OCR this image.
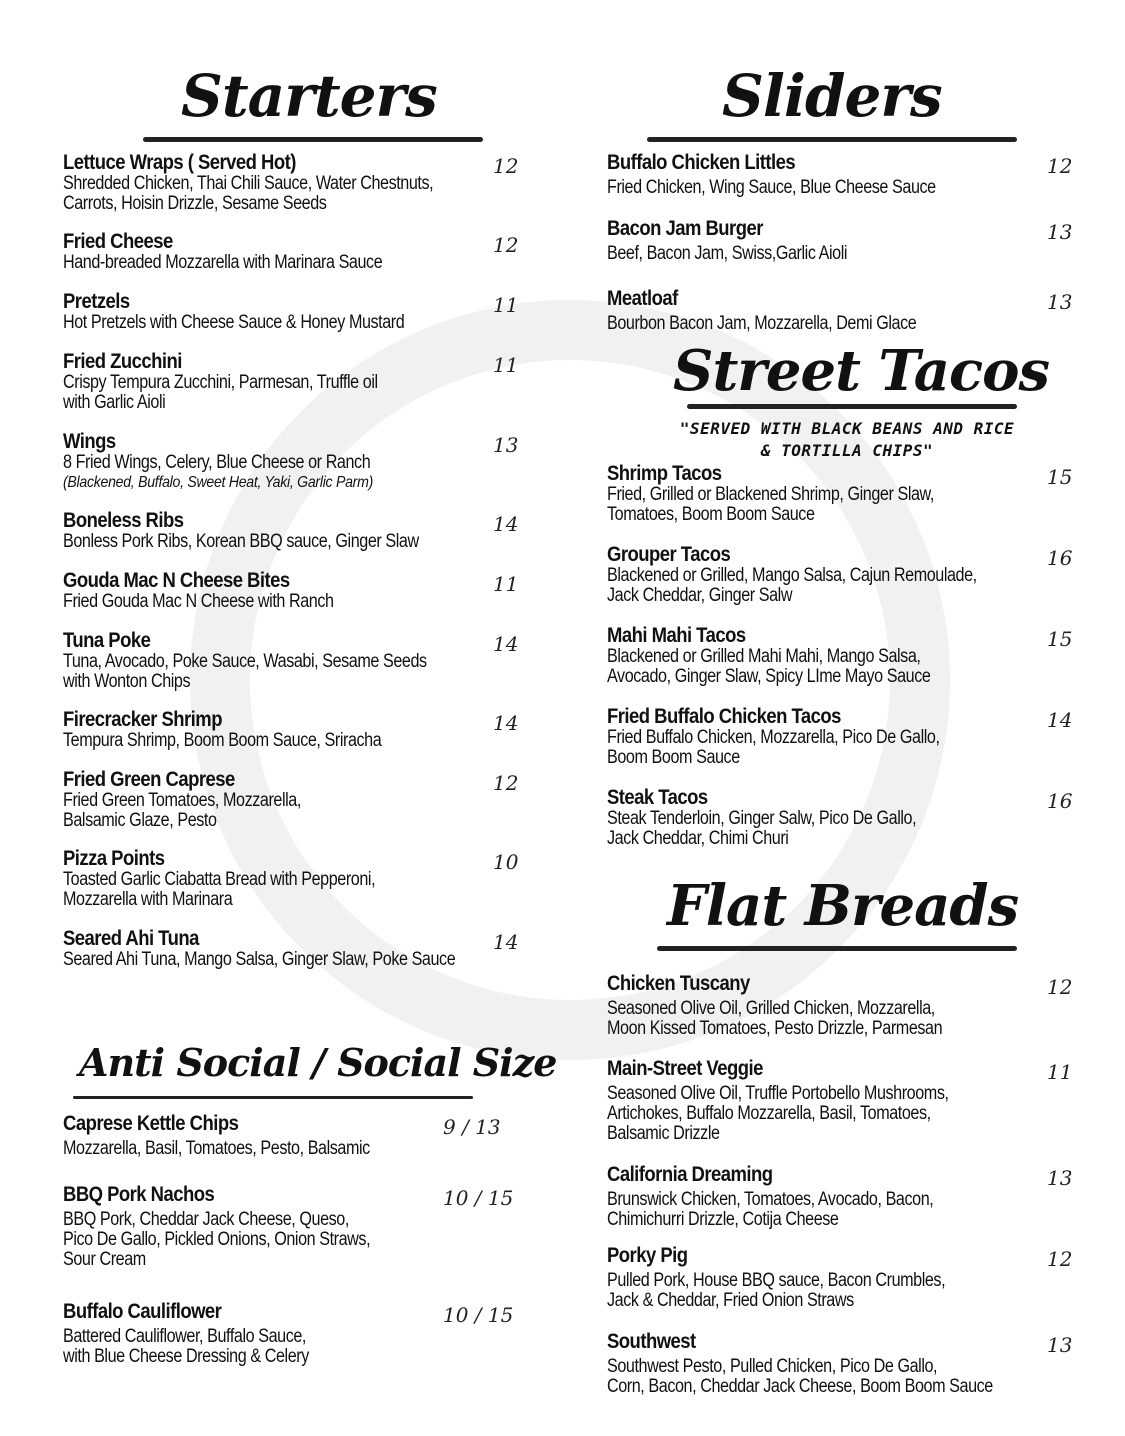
Starters
Lettuce Wraps ( Served Hot)
Shredded Chicken, Thai Chili Sauce, Water Chestnuts,
Carrots, Hoisin Drizzle, Sesame Seeds
12
Fried Cheese
Hand-breaded Mozzarella with Marinara Sauce
12
Pretzels
Hot Pretzels with Cheese Sauce & Honey Mustard
11
Fried Zucchini
Crispy Tempura Zucchini, Parmesan, Truffle oil
with Garlic Aioli
11
Wings
8 Fried Wings, Celery, Blue Cheese or Ranch
(Blackened, Buffalo, Sweet Heat, Yaki, Garlic Parm)
13
Boneless Ribs
Bonless Pork Ribs, Korean BBQ sauce, Ginger Slaw
14
Gouda Mac N Cheese Bites
Fried Gouda Mac N Cheese with Ranch
11
Tuna Poke
Tuna, Avocado, Poke Sauce, Wasabi, Sesame Seeds
with Wonton Chips
14
Firecracker Shrimp
Tempura Shrimp, Boom Boom Sauce, Sriracha
14
Fried Green Caprese
Fried Green Tomatoes, Mozzarella,
Balsamic Glaze, Pesto
12
Pizza Points
Toasted Garlic Ciabatta Bread with Pepperoni,
Mozzarella with Marinara
10
Seared Ahi Tuna
Seared Ahi Tuna, Mango Salsa, Ginger Slaw, Poke Sauce
14
Anti Social / Social Size
Caprese Kettle Chips
Mozzarella, Basil, Tomatoes, Pesto, Balsamic
9 / 13
BBQ Pork Nachos
BBQ Pork, Cheddar Jack Cheese, Queso,
Pico De Gallo, Pickled Onions, Onion Straws,
Sour Cream
10 / 15
Buffalo Cauliflower
Battered Cauliflower, Buffalo Sauce,
with Blue Cheese Dressing & Celery
10 / 15
Sliders
Buffalo Chicken Littles
Fried Chicken, Wing Sauce, Blue Cheese Sauce
12
Bacon Jam Burger
Beef, Bacon Jam, Swiss,Garlic Aioli
13
Meatloaf
Bourbon Bacon Jam, Mozzarella, Demi Glace
13
Street Tacos
"SERVED WITH BLACK BEANS AND RICE
& TORTILLA CHIPS"
Shrimp Tacos
Fried, Grilled or Blackened Shrimp, Ginger Slaw,
Tomatoes, Boom Boom Sauce
15
Grouper Tacos
Blackened or Grilled, Mango Salsa, Cajun Remoulade,
Jack Cheddar, Ginger Salw
16
Mahi Mahi Tacos
Blackened or Grilled Mahi Mahi, Mango Salsa,
Avocado, Ginger Slaw, Spicy LIme Mayo Sauce
15
Fried Buffalo Chicken Tacos
Fried Buffalo Chicken, Mozzarella, Pico De Gallo,
Boom Boom Sauce
14
Steak Tacos
Steak Tenderloin, Ginger Salw, Pico De Gallo,
Jack Cheddar, Chimi Churi
16
Flat Breads
Chicken Tuscany
Seasoned Olive Oil, Grilled Chicken, Mozzarella,
Moon Kissed Tomatoes, Pesto Drizzle, Parmesan
12
Main-Street Veggie
Seasoned Olive Oil, Truffle Portobello Mushrooms,
Artichokes, Buffalo Mozzarella, Basil, Tomatoes,
Balsamic Drizzle
11
California Dreaming
Brunswick Chicken, Tomatoes, Avocado, Bacon,
Chimichurri Drizzle, Cotija Cheese
13
Porky Pig
Pulled Pork, House BBQ sauce, Bacon Crumbles,
Jack & Cheddar, Fried Onion Straws
12
Southwest
Southwest Pesto, Pulled Chicken, Pico De Gallo,
Corn, Bacon, Cheddar Jack Cheese, Boom Boom Sauce
13
